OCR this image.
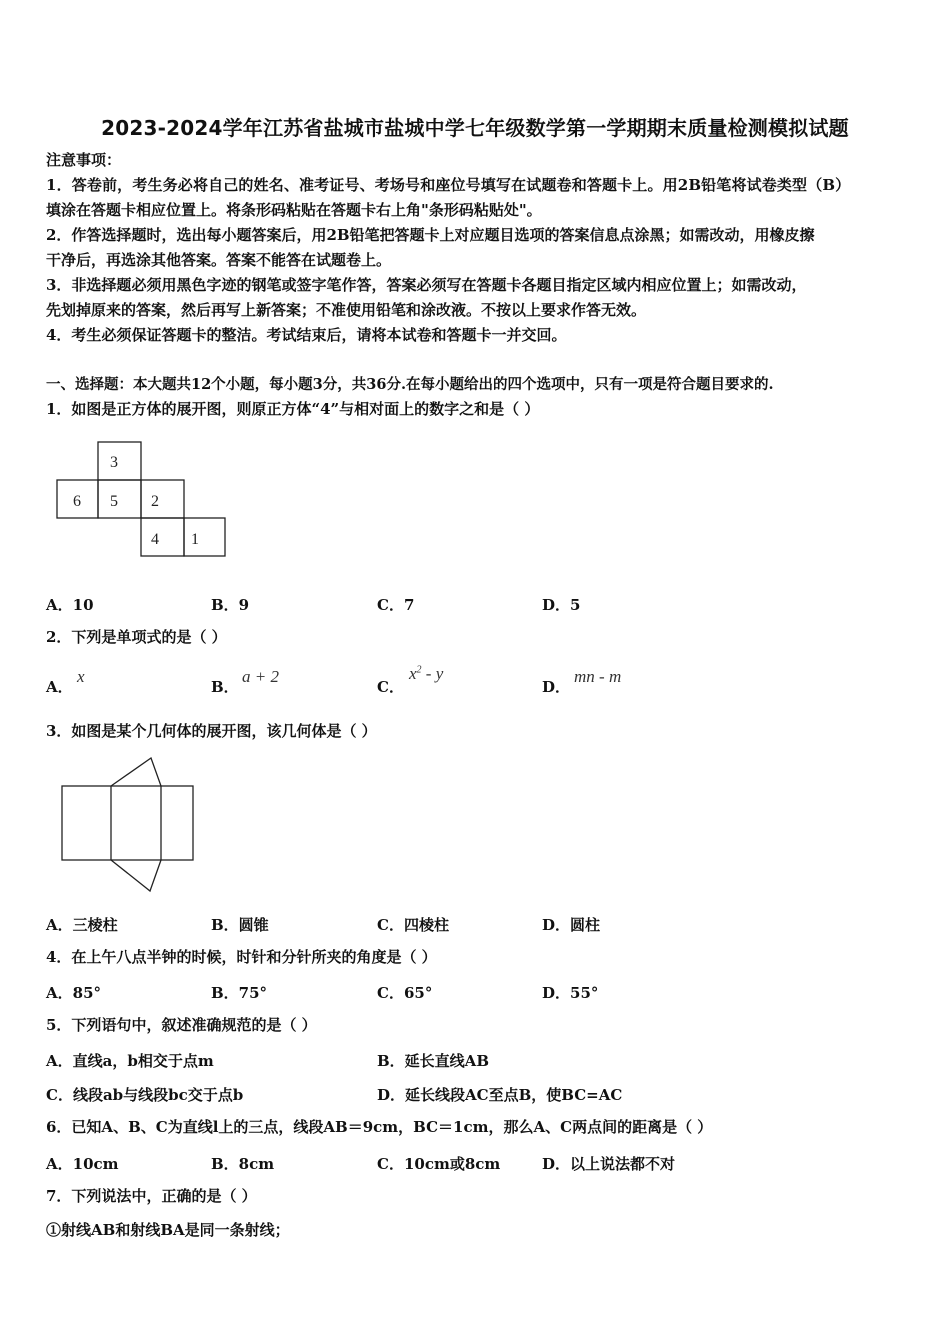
2023-2024学年江苏省盐城市盐城中学七年级数学第一学期期末质量检测模拟试题
注意事项：
1．答卷前，考生务必将自己的姓名、准考证号、考场号和座位号填写在试题卷和答题卡上。用2B铅笔将试卷类型（B）
填涂在答题卡相应位置上。将条形码粘贴在答题卡右上角"条形码粘贴处"。
2．作答选择题时，选出每小题答案后，用2B铅笔把答题卡上对应题目选项的答案信息点涂黑；如需改动，用橡皮擦
干净后，再选涂其他答案。答案不能答在试题卷上。
3．非选择题必须用黑色字迹的钢笔或签字笔作答，答案必须写在答题卡各题目指定区域内相应位置上；如需改动，
先划掉原来的答案，然后再写上新答案；不准使用铅笔和涂改液。不按以上要求作答无效。
4．考生必须保证答题卡的整洁。考试结束后，请将本试卷和答题卡一并交回。
一、选择题：本大题共12个小题，每小题3分，共36分.在每小题给出的四个选项中，只有一项是符合题目要求的.
1．如图是正方体的展开图，则原正方体“4”与相对面上的数字之和是（ ）
3
6 5 2
4 1
A．10	B．9	C．7	D．5
2．下列是单项式的是（ ）
A．
x
B．
a + 2
C．
$x^2$ - y
D．
mn - m
3．如图是某个几何体的展开图，该几何体是（ ）
A．三棱柱	B．圆锥	C．四棱柱	D．圆柱
4．在上午八点半钟的时候，时针和分针所夹的角度是（ ）
A．85°	B．75°	C．65°	D．55°
5．下列语句中，叙述准确规范的是（ ）
A．直线a，b相交于点m	B．延长直线AB
C．线段ab与线段bc交于点b	D．延长线段AC至点B，使BC=AC
6．已知A、B、C为直线l上的三点，线段AB＝9cm，BC＝1cm，那么A、C两点间的距离是（ ）
A．10cm	B．8cm	C．10cm或8cm	D．以上说法都不对
7．下列说法中，正确的是（ ）
①射线AB和射线BA是同一条射线；
